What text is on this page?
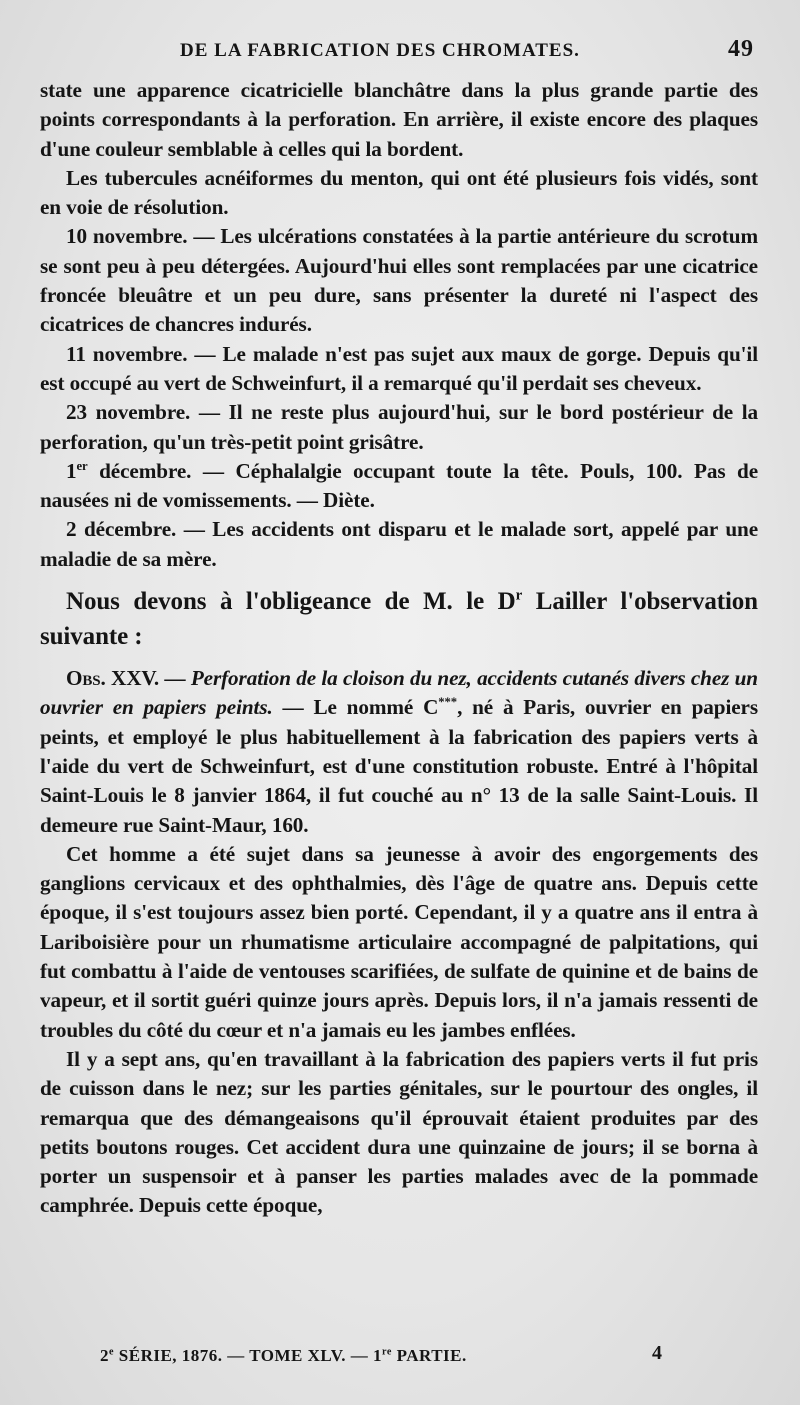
DE LA FABRICATION DES CHROMATES.	49

state une apparence cicatricielle blanchâtre dans la plus grande partie des points correspondants à la perforation. En arrière, il existe encore des plaques d'une couleur semblable à celles qui la bordent.

Les tubercules acnéiformes du menton, qui ont été plusieurs fois vidés, sont en voie de résolution.

10 novembre. — Les ulcérations constatées à la partie antérieure du scrotum se sont peu à peu détergées. Aujourd'hui elles sont remplacées par une cicatrice froncée bleuâtre et un peu dure, sans présenter la dureté ni l'aspect des cicatrices de chancres indurés.

11 novembre. — Le malade n'est pas sujet aux maux de gorge. Depuis qu'il est occupé au vert de Schweinfurt, il a remarqué qu'il perdait ses cheveux.

23 novembre. — Il ne reste plus aujourd'hui, sur le bord postérieur de la perforation, qu'un très-petit point grisâtre.

1er décembre. — Céphalalgie occupant toute la tête. Pouls, 100. Pas de nausées ni de vomissements. — Diète.

2 décembre. — Les accidents ont disparu et le malade sort, appelé par une maladie de sa mère.

Nous devons à l'obligeance de M. le $D^r$ Lailler l'observation suivante :

Obs. XXV. — Perforation de la cloison du nez, accidents cutanés divers chez un ouvrier en papiers peints. — Le nommé C***, né à Paris, ouvrier en papiers peints, et employé le plus habituellement à la fabrication des papiers verts à l'aide du vert de Schweinfurt, est d'une constitution robuste. Entré à l'hôpital Saint-Louis le 8 janvier 1864, il fut couché au n° 13 de la salle Saint-Louis. Il demeure rue Saint-Maur, 160.

Cet homme a été sujet dans sa jeunesse à avoir des engorgements des ganglions cervicaux et des ophthalmies, dès l'âge de quatre ans. Depuis cette époque, il s'est toujours assez bien porté. Cependant, il y a quatre ans il entra à Lariboisière pour un rhumatisme articulaire accompagné de palpitations, qui fut combattu à l'aide de ventouses scarifiées, de sulfate de quinine et de bains de vapeur, et il sortit guéri quinze jours après. Depuis lors, il n'a jamais ressenti de troubles du côté du cœur et n'a jamais eu les jambes enflées.

Il y a sept ans, qu'en travaillant à la fabrication des papiers verts il fut pris de cuisson dans le nez; sur les parties génitales, sur le pourtour des ongles, il remarqua que des démangeaisons qu'il éprouvait étaient produites par des petits boutons rouges. Cet accident dura une quinzaine de jours; il se borna à porter un suspensoir et à panser les parties malades avec de la pommade camphrée. Depuis cette époque,

2e SÉRIE, 1876. — TOME XLV. — 1re PARTIE.	4
